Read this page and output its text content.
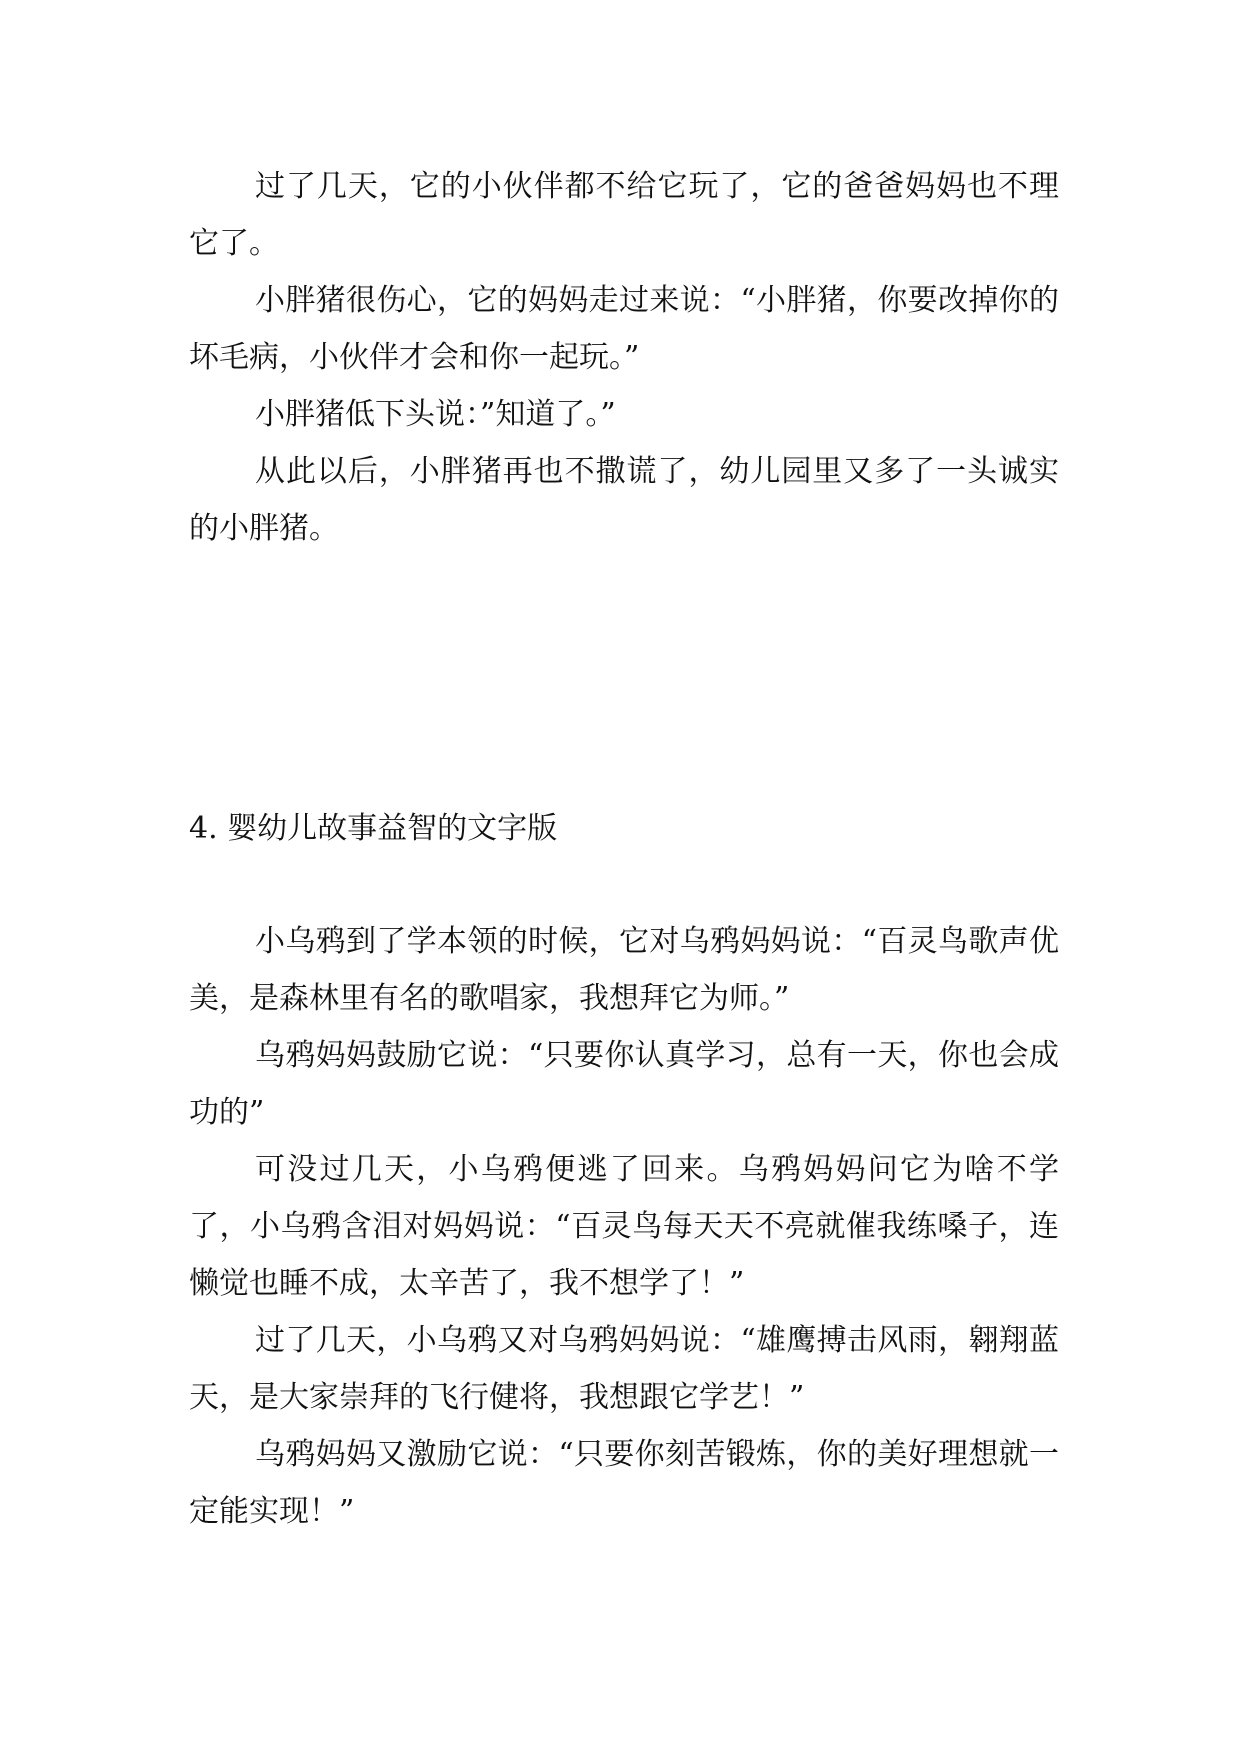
过了几天，它的小伙伴都不给它玩了，它的爸爸妈妈也不理它了。

小胖猪很伤心，它的妈妈走过来说：“小胖猪，你要改掉你的坏毛病，小伙伴才会和你一起玩。”

小胖猪低下头说：”知道了。”

从此以后，小胖猪再也不撒谎了，幼儿园里又多了一头诚实的小胖猪。

4. 婴幼儿故事益智的文字版

小乌鸦到了学本领的时候，它对乌鸦妈妈说：“百灵鸟歌声优美，是森林里有名的歌唱家，我想拜它为师。”

乌鸦妈妈鼓励它说：“只要你认真学习，总有一天，你也会成功的”

可没过几天，小乌鸦便逃了回来。乌鸦妈妈问它为啥不学了，小乌鸦含泪对妈妈说：“百灵鸟每天天不亮就催我练嗓子，连懒觉也睡不成，太辛苦了，我不想学了！”

过了几天，小乌鸦又对乌鸦妈妈说：“雄鹰搏击风雨，翱翔蓝天，是大家崇拜的飞行健将，我想跟它学艺！”

乌鸦妈妈又激励它说：“只要你刻苦锻炼，你的美好理想就一定能实现！”
